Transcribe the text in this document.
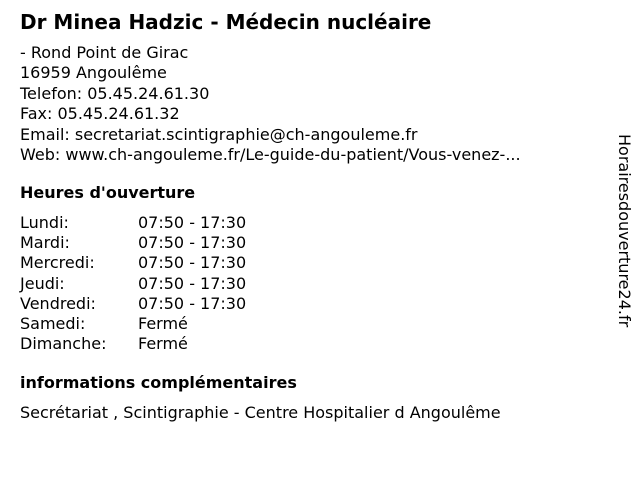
Dr Minea Hadzic - Médecin nucléaire
- Rond Point de Girac
16959 Angoulême
Telefon: 05.45.24.61.30
Fax: 05.45.24.61.32
Email: secretariat.scintigraphie@ch-angouleme.fr
Web: www.ch-angouleme.fr/Le-guide-du-patient/Vous-venez-...
Heures d'ouverture
Lundi:	07:50 - 17:30
Mardi:	07:50 - 17:30
Mercredi:	07:50 - 17:30
Jeudi:	07:50 - 17:30
Vendredi:	07:50 - 17:30
Samedi:	Fermé
Dimanche:	Fermé
informations complémentaires
Secrétariat , Scintigraphie - Centre Hospitalier d Angoulême
Horairesdouverture24.fr
